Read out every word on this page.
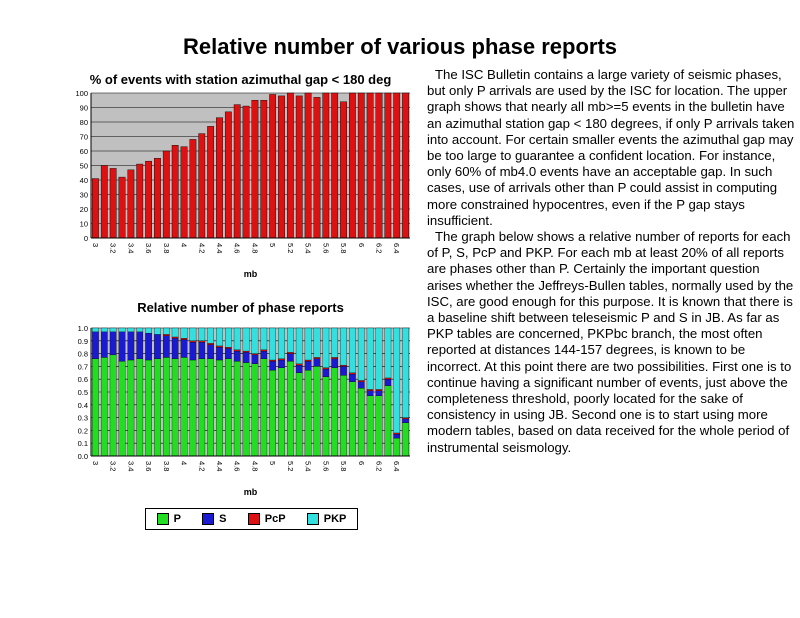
Relative number of various phase reports
% of events with station azimuthal gap < 180 deg
0
10
20
30
40
50
60
70
80
90
100
3 3.2 3.4 3.6 3.8 4 4.2 4.4 4.6 4.8 5 5.2 5.4 5.6 5.8 6 6.2 6.4
mb
Relative number of phase reports
0.0
0.1
0.2
0.3
0.4
0.5
0.6
0.7
0.8
0.9
1.0
3 3.2 3.4 3.6 3.8 4 4.2 4.4 4.6 4.8 5 5.2 5.4 5.6 5.8 6 6.2 6.4
mb
P	S	PcP	PKP

The ISC Bulletin contains a large variety of seismic phases, but only P arrivals are used by the ISC for location. The upper graph shows that nearly all mb>=5 events in the bulletin have an azimuthal station gap < 180 degrees, if only P arrivals taken into account. For certain smaller events the azimuthal gap may be too large to guarantee a confident location. For instance, only 60% of mb4.0 events have an acceptable gap. In such cases, use of arrivals other than P could assist in computing more constrained hypocentres, even if the P gap stays insufficient.

The graph below shows a relative number of reports for each of P, S, PcP and PKP. For each mb at least 20% of all reports are phases other than P. Certainly the important question arises whether the Jeffreys-Bullen tables, normally used by the ISC, are good enough for this purpose. It is known that there is a baseline shift between teleseismic P and S in JB. As far as PKP tables are concerned, PKPbc branch, the most often reported at distances 144-157 degrees, is known to be incorrect. At this point there are two possibilities. First one is to continue having a significant number of events, just above the completeness threshold, poorly located for the sake of consistency in using JB. Second one is to start using more modern tables, based on data received for the whole period of instrumental seismology.
